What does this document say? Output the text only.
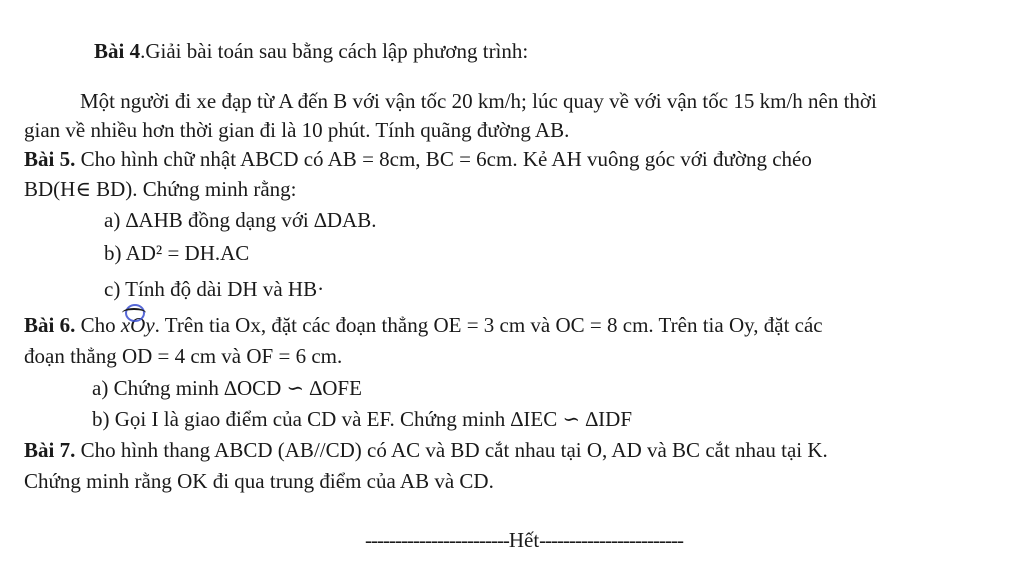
Bài 4.Giải bài toán sau bằng cách lập phương trình:
Một người đi xe đạp từ A đến B với vận tốc 20 km/h; lúc quay về với vận tốc 15 km/h nên thời
gian về nhiều hơn thời gian đi là 10 phút. Tính quãng đường AB.
Bài 5. Cho hình chữ nhật ABCD có AB = 8cm, BC = 6cm. Kẻ AH vuông góc với đường chéo
BD(H∈ BD). Chứng minh rằng:
a) ∆AHB đồng dạng với ∆DAB.
b) AD² = DH.AC
c) Tính độ dài DH và HB·
Bài 6. Cho xOy. Trên tia Ox, đặt các đoạn thẳng OE = 3 cm và OC = 8 cm. Trên tia Oy, đặt các
đoạn thẳng OD = 4 cm và OF = 6 cm.
a) Chứng minh ∆OCD ∽ ∆OFE
b) Gọi I là giao điểm của CD và EF. Chứng minh ∆IEC ∽ ∆IDF
Bài 7. Cho hình thang ABCD (AB//CD) có AC và BD cắt nhau tại O, AD và BC cắt nhau tại K.
Chứng minh rằng OK đi qua trung điểm của AB và CD.
------------------------Hết------------------------
